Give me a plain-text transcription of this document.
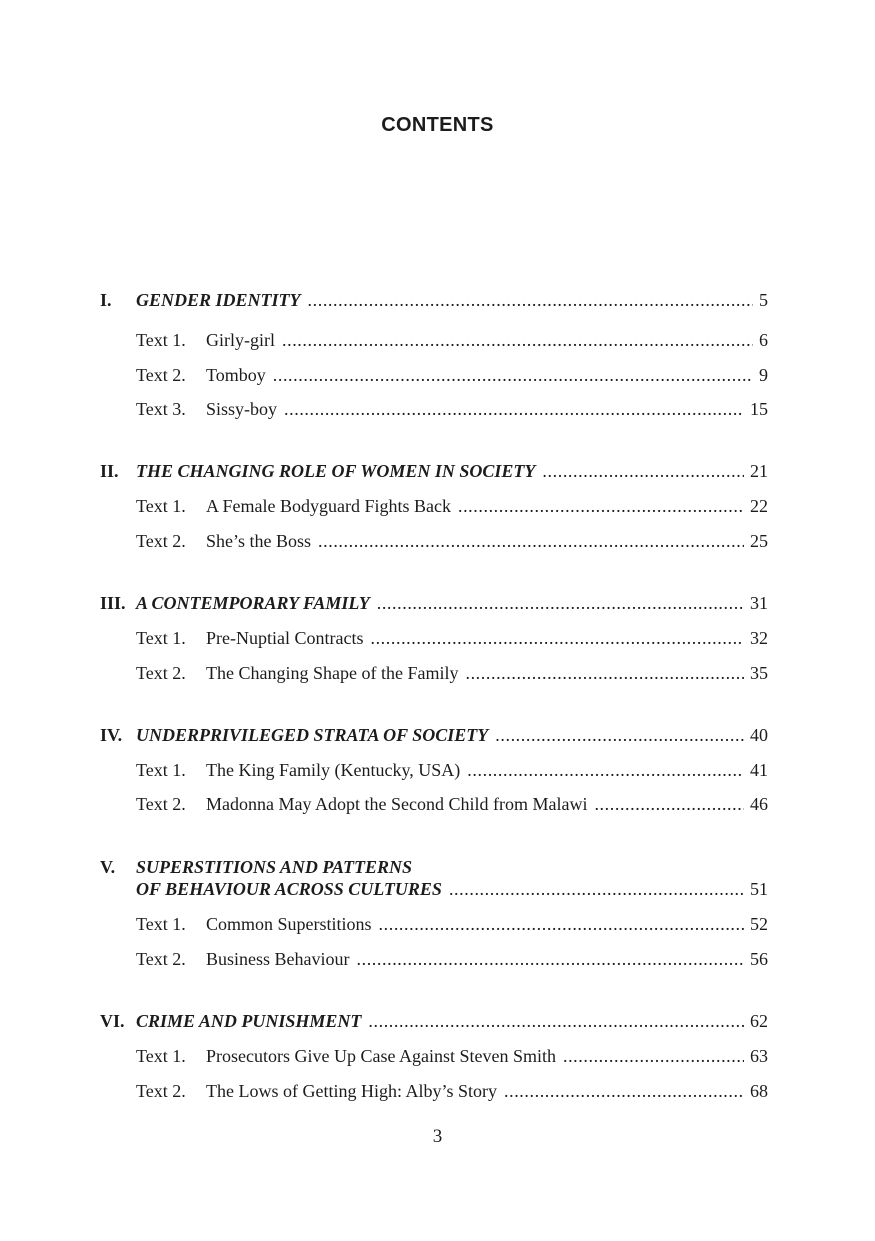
CONTENTS
I.	GENDER IDENTITY .....	5
Text 1.	Girly-girl .....	6
Text 2.	Tomboy .....	9
Text 3.	Sissy-boy .....	15
II. THE CHANGING ROLE OF WOMEN IN SOCIETY .....	21
Text 1.	A Female Bodyguard Fights Back .....	22
Text 2.	She’s the Boss .....	25
III. A CONTEMPORARY FAMILY .....	31
Text 1.	Pre-Nuptial Contracts .....	32
Text 2.	The Changing Shape of the Family .....	35
IV. UNDERPRIVILEGED STRATA OF SOCIETY .....	40
Text 1.	The King Family (Kentucky, USA) .....	41
Text 2.	Madonna May Adopt the Second Child from Malawi .....	46
V.	SUPERSTITIONS AND PATTERNS
OF BEHAVIOUR ACROSS CULTURES .....	51
Text 1.	Common Superstitions .....	52
Text 2.	Business Behaviour .....	56
VI. CRIME AND PUNISHMENT .....	62
Text 1.	Prosecutors Give Up Case Against Steven Smith .....	63
Text 2.	The Lows of Getting High: Alby’s Story .....	68
3
